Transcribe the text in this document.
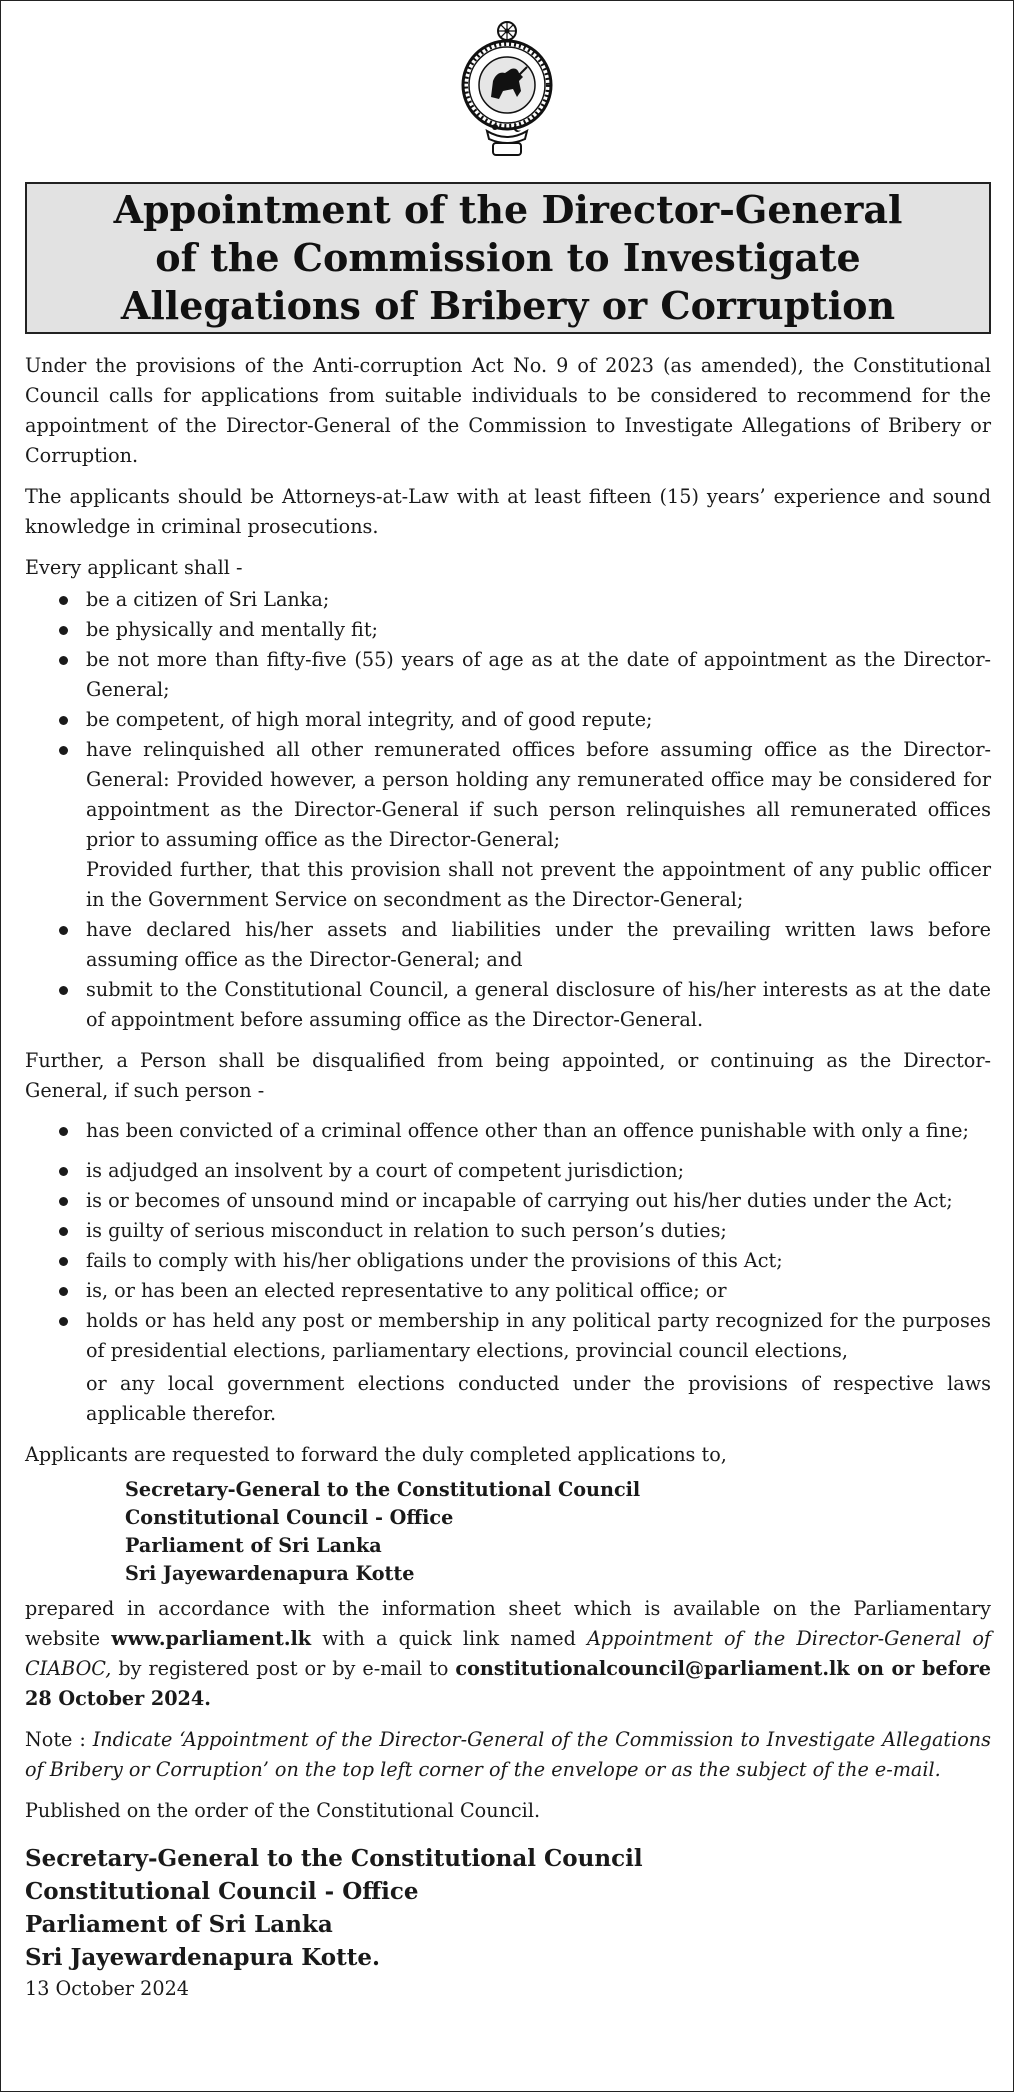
Appointment of the Director-General
of the Commission to Investigate
Allegations of Bribery or Corruption

Under the provisions of the Anti-corruption Act No. 9 of 2023 (as amended), the Constitutional Council calls for applications from suitable individuals to be considered to recommend for the appointment of the Director-General of the Commission to Investigate Allegations of Bribery or Corruption.

The applicants should be Attorneys-at-Law with at least fifteen (15) years’ experience and sound knowledge in criminal prosecutions.

Every applicant shall -

be a citizen of Sri Lanka;
be physically and mentally fit;
be not more than fifty-five (55) years of age as at the date of appointment as the Director-General;
be competent, of high moral integrity, and of good repute;
have relinquished all other remunerated offices before assuming office as the Director-General: Provided however, a person holding any remunerated office may be considered for appointment as the Director-General if such person relinquishes all remunerated offices prior to assuming office as the Director-General;
Provided further, that this provision shall not prevent the appointment of any public officer in the Government Service on secondment as the Director-General;
have declared his/her assets and liabilities under the prevailing written laws before assuming office as the Director-General; and
submit to the Constitutional Council, a general disclosure of his/her interests as at the date of appointment before assuming office as the Director-General.

Further, a Person shall be disqualified from being appointed, or continuing as the Director-General, if such person -

has been convicted of a criminal offence other than an offence punishable with only a fine;
is adjudged an insolvent by a court of competent jurisdiction;
is or becomes of unsound mind or incapable of carrying out his/her duties under the Act;
is guilty of serious misconduct in relation to such person’s duties;
fails to comply with his/her obligations under the provisions of this Act;
is, or has been an elected representative to any political office; or
holds or has held any post or membership in any political party recognized for the purposes of presidential elections, parliamentary elections, provincial council elections,
or any local government elections conducted under the provisions of respective laws applicable therefor.

Applicants are requested to forward the duly completed applications to,

Secretary-General to the Constitutional Council
Constitutional Council - Office
Parliament of Sri Lanka
Sri Jayewardenapura Kotte

prepared in accordance with the information sheet which is available on the Parliamentary website www.parliament.lk with a quick link named Appointment of the Director-General of CIABOC, by registered post or by e-mail to constitutionalcouncil@parliament.lk on or before 28 October 2024.

Note : Indicate ‘Appointment of the Director-General of the Commission to Investigate Allegations of Bribery or Corruption’ on the top left corner of the envelope or as the subject of the e-mail.

Published on the order of the Constitutional Council.

Secretary-General to the Constitutional Council
Constitutional Council - Office
Parliament of Sri Lanka
Sri Jayewardenapura Kotte.

13 October 2024
